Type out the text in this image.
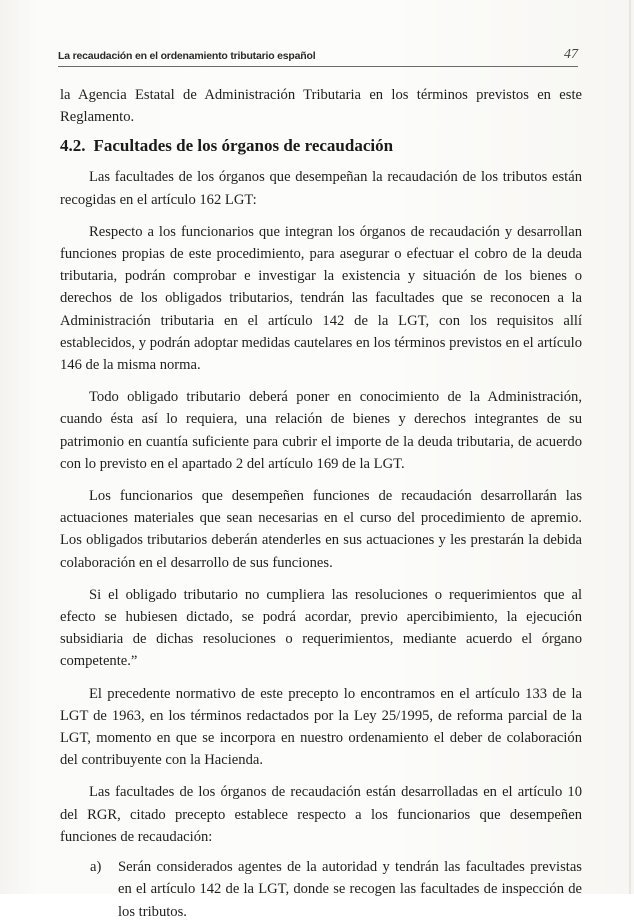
La recaudación en el ordenamiento tributario español	47

la Agencia Estatal de Administración Tributaria en los términos previstos en este Reglamento.

4.2. Facultades de los órganos de recaudación

Las facultades de los órganos que desempeñan la recaudación de los tributos están recogidas en el artículo 162 LGT:

Respecto a los funcionarios que integran los órganos de recaudación y desarrollan funciones propias de este procedimiento, para asegurar o efectuar el cobro de la deuda tributaria, podrán comprobar e investigar la existencia y situación de los bienes o derechos de los obligados tributarios, tendrán las facultades que se reconocen a la Administración tributaria en el artículo 142 de la LGT, con los requisitos allí establecidos, y podrán adoptar medidas cautelares en los términos previstos en el artículo 146 de la misma norma.

Todo obligado tributario deberá poner en conocimiento de la Administración, cuando ésta así lo requiera, una relación de bienes y derechos integrantes de su patrimonio en cuantía suficiente para cubrir el importe de la deuda tributaria, de acuerdo con lo previsto en el apartado 2 del artículo 169 de la LGT.

Los funcionarios que desempeñen funciones de recaudación desarrollarán las actuaciones materiales que sean necesarias en el curso del procedimiento de apremio. Los obligados tributarios deberán atenderles en sus actuaciones y les prestarán la debida colaboración en el desarrollo de sus funciones.

Si el obligado tributario no cumpliera las resoluciones o requerimientos que al efecto se hubiesen dictado, se podrá acordar, previo apercibimiento, la ejecución subsidiaria de dichas resoluciones o requerimientos, mediante acuerdo el órgano competente.”

El precedente normativo de este precepto lo encontramos en el artículo 133 de la LGT de 1963, en los términos redactados por la Ley 25/1995, de reforma parcial de la LGT, momento en que se incorpora en nuestro ordenamiento el deber de colaboración del contribuyente con la Hacienda.

Las facultades de los órganos de recaudación están desarrolladas en el artículo 10 del RGR, citado precepto establece respecto a los funcionarios que desempeñen funciones de recaudación:

a)	Serán considerados agentes de la autoridad y tendrán las facultades previstas en el artículo 142 de la LGT, donde se recogen las facultades de inspección de los tributos.
